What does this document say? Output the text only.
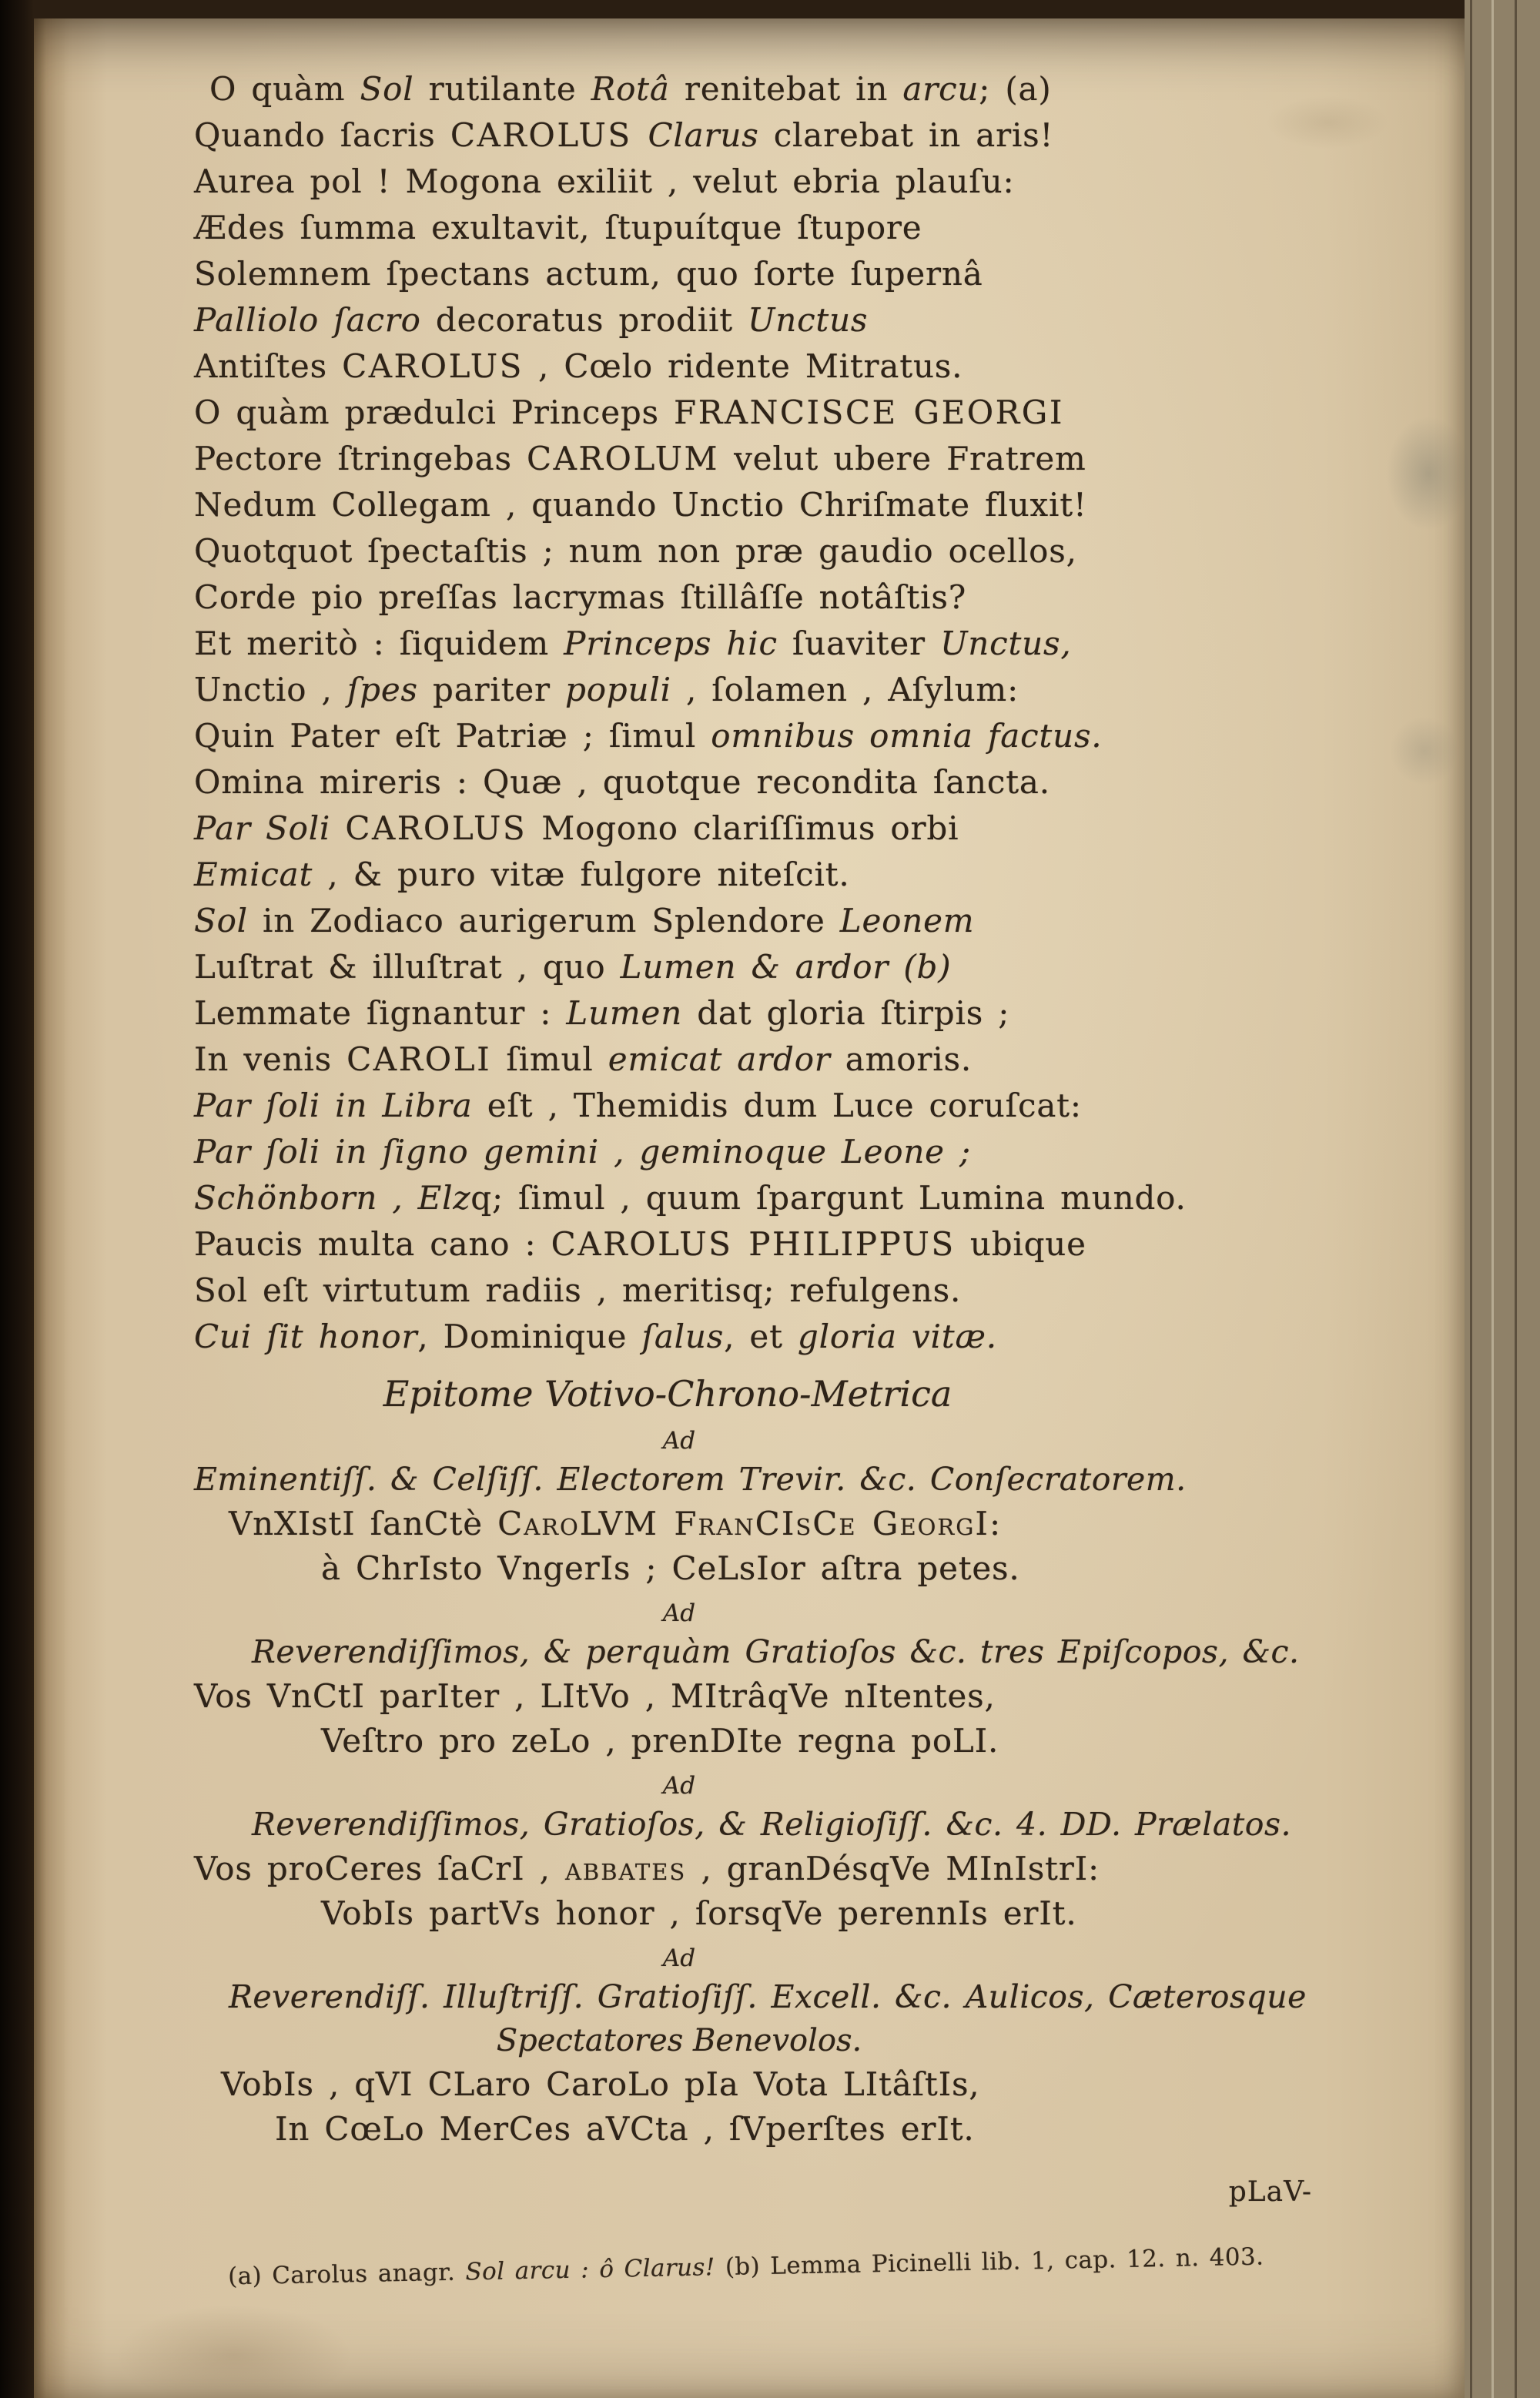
O quàm Sol rutilante Rotâ renitebat in arcu; (a)
Quando ſacris CAROLUS Clarus clarebat in aris!
Aurea pol ! Mogona exiliit , velut ebria plauſu:
Ædes ſumma exultavit, ſtupuítque ſtupore
Solemnem ſpectans actum, quo ſorte ſupernâ
Palliolo ſacro decoratus prodiit Unctus
Antiſtes CAROLUS , Cœlo ridente Mitratus.
O quàm prædulci Princeps FRANCISCE GEORGI
Pectore ſtringebas CAROLUM velut ubere Fratrem
Nedum Collegam , quando Unctio Chriſmate fluxit!
Quotquot ſpectaſtis ; num non præ gaudio ocellos,
Corde pio preſſas lacrymas ſtillâſſe notâſtis?
Et meritò : ſiquidem Princeps hic ſuaviter Unctus,
Unctio , ſpes pariter populi , ſolamen , Aſylum:
Quin Pater eſt Patriæ ; ſimul omnibus omnia factus.
Omina mireris : Quæ , quotque recondita ſancta.
Par Soli CAROLUS Mogono clariſſimus orbi
Emicat , & puro vitæ fulgore niteſcit.
Sol in Zodiaco aurigerum Splendore Leonem
Luſtrat & illuſtrat , quo Lumen & ardor (b)
Lemmate ſignantur : Lumen dat gloria ſtirpis ;
In venis CAROLI ſimul emicat ardor amoris.
Par ſoli in Libra eſt , Themidis dum Luce coruſcat:
Par ſoli in ſigno gemini , geminoque Leone ;
Schönborn , Elzq; ſimul , quum ſpargunt Lumina mundo.
Paucis multa cano : CAROLUS PHILIPPUS ubique
Sol eſt virtutum radiis , meritisq; refulgens.
Cui ſit honor, Dominique ſalus, et gloria vitæ.
Epitome Votivo-Chrono-Metrica
Ad
Eminentiſſ. & Celſiſſ. Electorem Trevir. &c. Conſecratorem.
VnXIstI ſanCtè CaroLVM FranCIsCe GeorgI:
à ChrIsto VngerIs ; CeLsIor aſtra petes.
Ad
Reverendiſſimos, & perquàm Gratioſos &c. tres Epiſcopos, &c.
Vos VnCtI parIter , LItVo , MItrâqVe nItentes,
Veſtro pro zeLo , prenDIte regna poLI.
Ad
Reverendiſſimos, Gratioſos, & Religioſiſſ. &c. 4. DD. Prælatos.
Vos proCeres ſaCrI , abbates , granDésqVe MInIstrI:
VobIs partVs honor , ſorsqVe perennIs erIt.
Ad
Reverendiſſ. Illuſtriſſ. Gratioſiſſ. Excell. &c. Aulicos, Cæterosque
Spectatores Benevolos.
VobIs , qVI CLaro CaroLo pIa Vota LItâſtIs,
In CœLo MerCes aVCta , ſVperſtes erIt.
pLaV-
(a) Carolus anagr. Sol arcu : ô Clarus! (b) Lemma Picinelli lib. 1, cap. 12. n. 403.
